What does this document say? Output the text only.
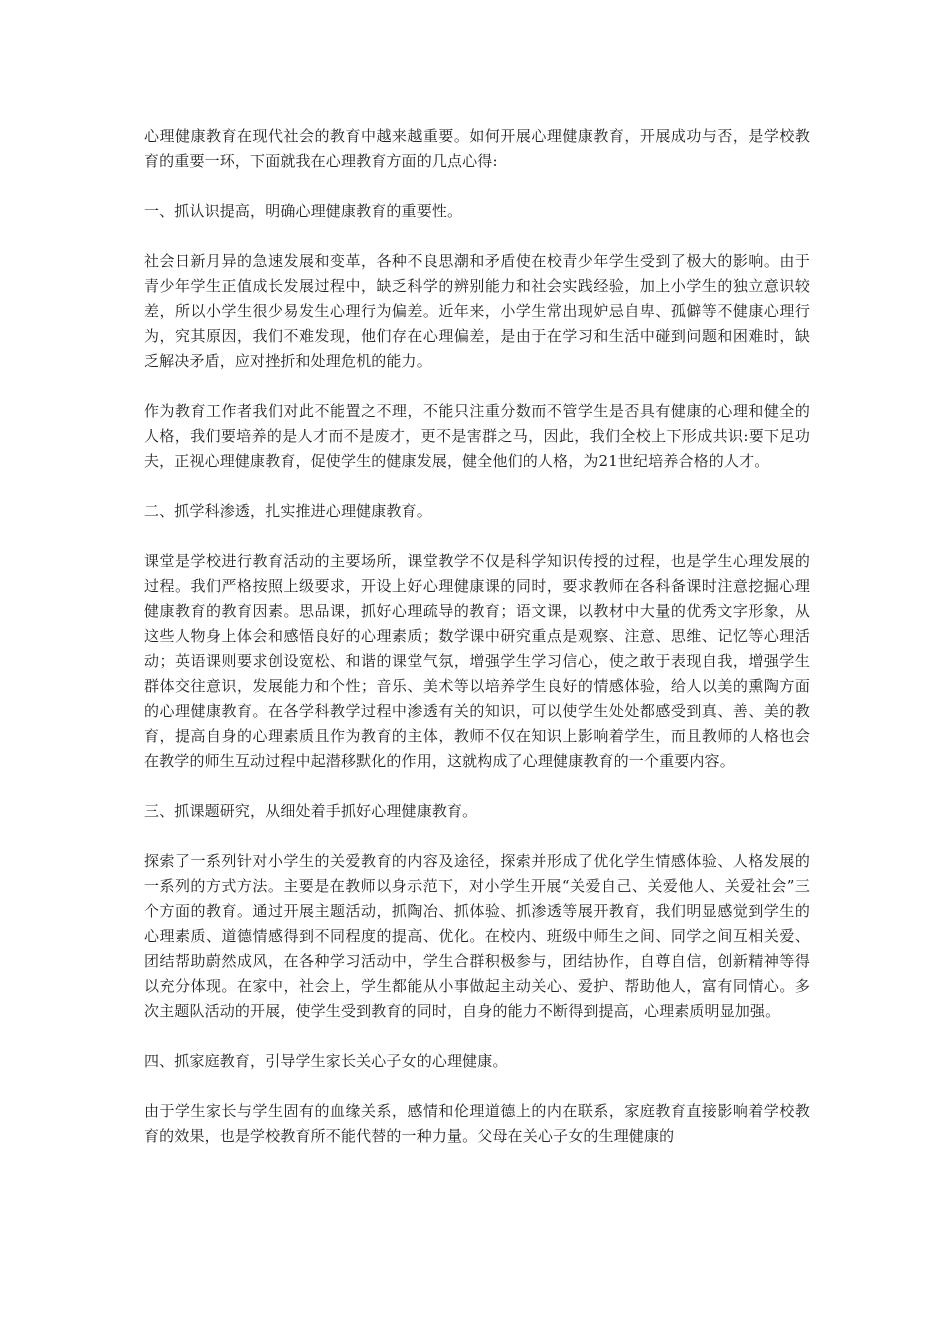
心理健康教育在现代社会的教育中越来越重要。如何开展心理健康教育，开展成功与否，是学校教育的重要一环，下面就我在心理教育方面的几点心得:

一、抓认识提高，明确心理健康教育的重要性。

社会日新月异的急速发展和变革，各种不良思潮和矛盾使在校青少年学生受到了极大的影响。由于青少年学生正值成长发展过程中，缺乏科学的辨别能力和社会实践经验，加上小学生的独立意识较差，所以小学生很少易发生心理行为偏差。近年来，小学生常出现妒忌自卑、孤僻等不健康心理行为，究其原因，我们不难发现，他们存在心理偏差，是由于在学习和生活中碰到问题和困难时，缺乏解决矛盾，应对挫折和处理危机的能力。

作为教育工作者我们对此不能置之不理，不能只注重分数而不管学生是否具有健康的心理和健全的人格，我们要培养的是人才而不是废才，更不是害群之马，因此，我们全校上下形成共识:要下足功夫，正视心理健康教育，促使学生的健康发展，健全他们的人格，为21世纪培养合格的人才。

二、抓学科渗透，扎实推进心理健康教育。

课堂是学校进行教育活动的主要场所，课堂教学不仅是科学知识传授的过程，也是学生心理发展的过程。我们严格按照上级要求，开设上好心理健康课的同时，要求教师在各科备课时注意挖掘心理健康教育的教育因素。思品课，抓好心理疏导的教育；语文课，以教材中大量的优秀文字形象，从这些人物身上体会和感悟良好的心理素质；数学课中研究重点是观察、注意、思维、记忆等心理活动；英语课则要求创设宽松、和谐的课堂气氛，增强学生学习信心，使之敢于表现自我，增强学生群体交往意识，发展能力和个性；音乐、美术等以培养学生良好的情感体验，给人以美的熏陶方面的心理健康教育。在各学科教学过程中渗透有关的知识，可以使学生处处都感受到真、善、美的教育，提高自身的心理素质且作为教育的主体，教师不仅在知识上影响着学生，而且教师的人格也会在教学的师生互动过程中起潜移默化的作用，这就构成了心理健康教育的一个重要内容。

三、抓课题研究，从细处着手抓好心理健康教育。

探索了一系列针对小学生的关爱教育的内容及途径，探索并形成了优化学生情感体验、人格发展的一系列的方式方法。主要是在教师以身示范下，对小学生开展“关爱自己、关爱他人、关爱社会”三个方面的教育。通过开展主题活动，抓陶冶、抓体验、抓渗透等展开教育，我们明显感觉到学生的心理素质、道德情感得到不同程度的提高、优化。在校内、班级中师生之间、同学之间互相关爱、团结帮助蔚然成风，在各种学习活动中，学生合群积极参与，团结协作，自尊自信，创新精神等得以充分体现。在家中，社会上，学生都能从小事做起主动关心、爱护、帮助他人，富有同情心。多次主题队活动的开展，使学生受到教育的同时，自身的能力不断得到提高，心理素质明显加强。

四、抓家庭教育，引导学生家长关心子女的心理健康。

由于学生家长与学生固有的血缘关系，感情和伦理道德上的内在联系，家庭教育直接影响着学校教育的效果，也是学校教育所不能代替的一种力量。父母在关心子女的生理健康的
